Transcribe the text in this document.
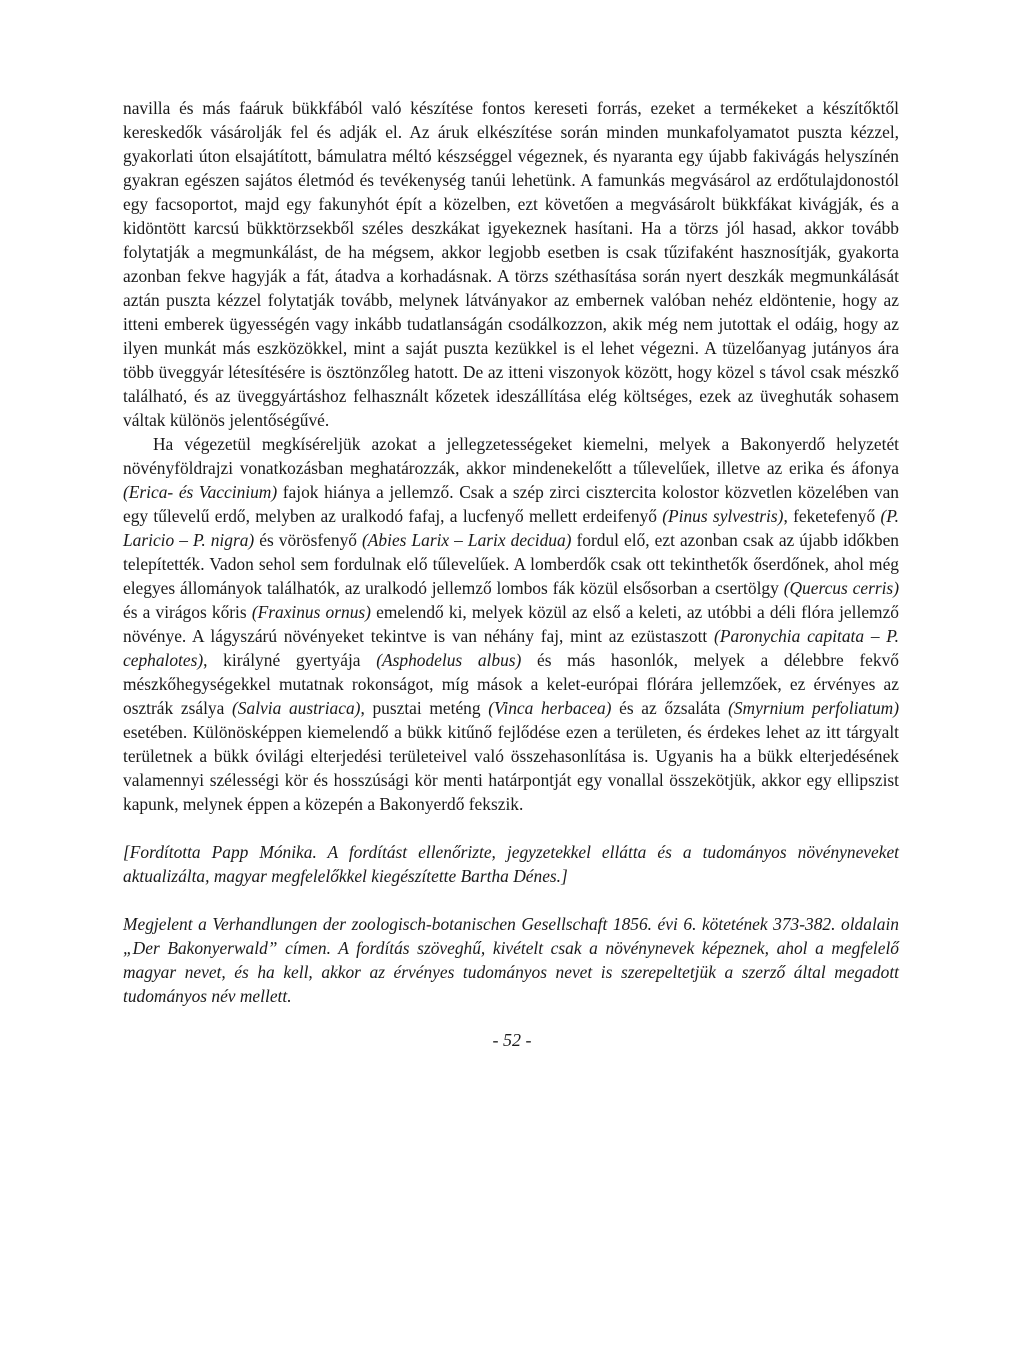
navilla és más faáruk bükkfából való készítése fontos kereseti forrás, ezeket a termékeket a készítőktől kereskedők vásárolják fel és adják el. Az áruk elkészítése során minden munkafolyamatot puszta kézzel, gyakorlati úton elsajátított, bámulatra méltó készséggel végeznek, és nyaranta egy újabb fakivágás helyszínén gyakran egészen sajátos életmód és tevékenység tanúi lehetünk. A famunkás megvásárol az erdőtulajdonostól egy facsoportot, majd egy fakunyhót épít a közelben, ezt követően a megvásárolt bükkfákat kivágják, és a kidöntött karcsú bükktörzsekből széles deszkákat igyekeznek hasítani. Ha a törzs jól hasad, akkor tovább folytatják a megmunkálást, de ha mégsem, akkor legjobb esetben is csak tűzifaként hasznosítják, gyakorta azonban fekve hagyják a fát, átadva a korhadásnak. A törzs széthasítása során nyert deszkák megmunkálását aztán puszta kézzel folytatják tovább, melynek látványakor az embernek valóban nehéz eldöntenie, hogy az itteni emberek ügyességén vagy inkább tudatlanságán csodálkozzon, akik még nem jutottak el odáig, hogy az ilyen munkát más eszközökkel, mint a saját puszta kezükkel is el lehet végezni. A tüzelőanyag jutányos ára több üveggyár létesítésére is ösztönzőleg hatott. De az itteni viszonyok között, hogy közel s távol csak mészkő található, és az üveggyártáshoz felhasznált kőzetek ideszállítása elég költséges, ezek az üveghuták sohasem váltak különös jelentőségűvé.

Ha végezetül megkíséreljük azokat a jellegzetességeket kiemelni, melyek a Bakonyerdő helyzetét növényföldrajzi vonatkozásban meghatározzák, akkor mindenekelőtt a tűlevelűek, illetve az erika és áfonya (Erica- és Vaccinium) fajok hiánya a jellemző. Csak a szép zirci cisztercita kolostor közvetlen közelében van egy tűlevelű erdő, melyben az uralkodó fafaj, a lucfenyő mellett erdeifenyő (Pinus sylvestris), feketefenyő (P. Laricio – P. nigra) és vörösfenyő (Abies Larix – Larix decidua) fordul elő, ezt azonban csak az újabb időkben telepítették. Vadon sehol sem fordulnak elő tűlevelűek. A lomberdők csak ott tekinthetők őserdőnek, ahol még elegyes állományok találhatók, az uralkodó jellemző lombos fák közül elsősorban a csertölgy (Quercus cerris) és a virágos kőris (Fraxinus ornus) emelendő ki, melyek közül az első a keleti, az utóbbi a déli flóra jellemző növénye. A lágyszárú növényeket tekintve is van néhány faj, mint az ezüstaszott (Paronychia capitata – P. cephalotes), királyné gyertyája (Asphodelus albus) és más hasonlók, melyek a délebbre fekvő mészkőhegységekkel mutatnak rokonságot, míg mások a kelet-európai flórára jellemzőek, ez érvényes az osztrák zsálya (Salvia austriaca), pusztai meténg (Vinca herbacea) és az őzsaláta (Smyrnium perfoliatum) esetében. Különösképpen kiemelendő a bükk kitűnő fejlődése ezen a területen, és érdekes lehet az itt tárgyalt területnek a bükk óvilági elterjedési területeivel való összehasonlítása is. Ugyanis ha a bükk elterjedésének valamennyi szélességi kör és hosszúsági kör menti határpontját egy vonallal összekötjük, akkor egy ellipszist kapunk, melynek éppen a közepén a Bakonyerdő fekszik.

[Fordította Papp Mónika. A fordítást ellenőrizte, jegyzetekkel ellátta és a tudományos növényneveket aktualizálta, magyar megfelelőkkel kiegészítette Bartha Dénes.]

Megjelent a Verhandlungen der zoologisch-botanischen Gesellschaft 1856. évi 6. kötetének 373-382. oldalain „Der Bakonyerwald” címen. A fordítás szöveghű, kivételt csak a növénynevek képeznek, ahol a megfelelő magyar nevet, és ha kell, akkor az érvényes tudományos nevet is szerepeltetjük a szerző által megadott tudományos név mellett.

- 52 -
